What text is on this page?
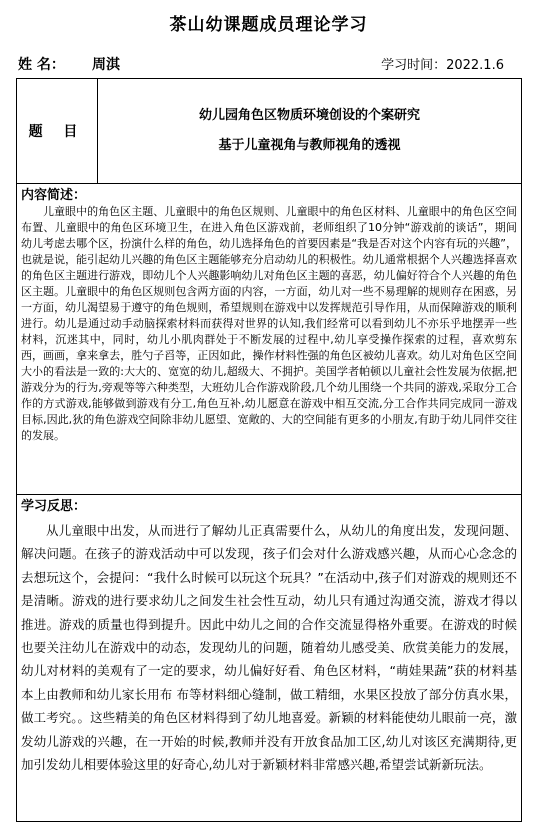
茶山幼课题成员理论学习
姓 名： 周淇	学习时间：2022.1.6
题 目	
幼儿园角色区物质环境创设的个案研究
基于儿童视角与教师视角的透视

内容简述：

儿童眼中的角色区主题、儿童眼中的角色区规则、儿童眼中的角色区材料、儿童眼中的角色区空间布置、儿童眼中的角色区环境卫生，在进入角色区游戏前，老师组织了10分钟“游戏前的谈话”，期间幼儿考虑去哪个区，扮演什么样的角色，幼儿选择角色的首要因素是“我是否对这个内容有玩的兴趣”，也就是说，能引起幼儿兴趣的角色区主题能够充分启动幼儿的积极性。幼儿通常根据个人兴趣选择喜欢的角色区主题进行游戏，即幼儿个人兴趣影响幼儿对角色区主题的喜恶，幼儿偏好符合个人兴趣的角色区主题。儿童眼中的角色区规则包含两方面的内容，一方面，幼儿对一些不易理解的规则存在困惑，另一方面，幼儿渴望易于遵守的角色规则，希望规则在游戏中以发挥规范引导作用，从而保障游戏的顺利进行。幼儿是通过动手动脑探索材料而获得对世界的认知,我们经常可以看到幼儿不亦乐乎地摆弄一些材料，沉迷其中，同时，幼儿小肌肉群处于不断发展的过程中,幼儿享受操作探索的过程，喜欢剪东西，画画，拿来拿去，胜勺子舀等，正因如此，操作材料性强的角色区被幼儿喜欢。幼儿对角色区空间大小的看法是一致的:大大的、宽宽的幼儿,超级大、不拥护。美国学者帕顿以儿童社会性发展为依据,把游戏分为的行为,旁观等等六种类型，大班幼儿合作游戏阶段,几个幼儿围绕一个共同的游戏,采取分工合作的方式游戏,能够做到游戏有分工,角色互补,幼儿愿意在游戏中相互交流,分工合作共同完成同一游戏目标,因此,狄的角色游戏空间除非幼儿愿望、宽敞的、大的空间能有更多的小朋友,有助于幼儿同伴交往的发展。

学习反思：

从儿童眼中出发，从而进行了解幼儿正真需要什么，从幼儿的角度出发，发现问题、解决问题。在孩子的游戏活动中可以发现，孩子们会对什么游戏感兴趣，从而心心念念的去想玩这个，会提问：“我什么时候可以玩这个玩具？”在活动中,孩子们对游戏的规则还不是清晰。游戏的进行要求幼儿之间发生社会性互动，幼儿只有通过沟通交流，游戏才得以推进。游戏的质量也得到提升。因此中幼儿之间的合作交流显得格外重要。在游戏的时候也要关注幼儿在游戏中的动态，发现幼儿的问题，随着幼儿感受美、欣赏美能力的发展，幼儿对材料的美观有了一定的要求，幼儿偏好好看、角色区材料，“萌娃果蔬”获的材料基本上由教师和幼儿家长用布 布等材料细心缝制，做工精细，水果区投放了部分仿真水果，做工考究。。这些精美的角色区材料得到了幼儿地喜爱。新颖的材料能使幼儿眼前一亮，激发幼儿游戏的兴趣，在一开始的时候,教师并没有开放食品加工区,幼儿对该区充满期待,更加引发幼儿相要体验这里的好奇心,幼儿对于新颖材料非常感兴趣,希望尝试新新玩法。
